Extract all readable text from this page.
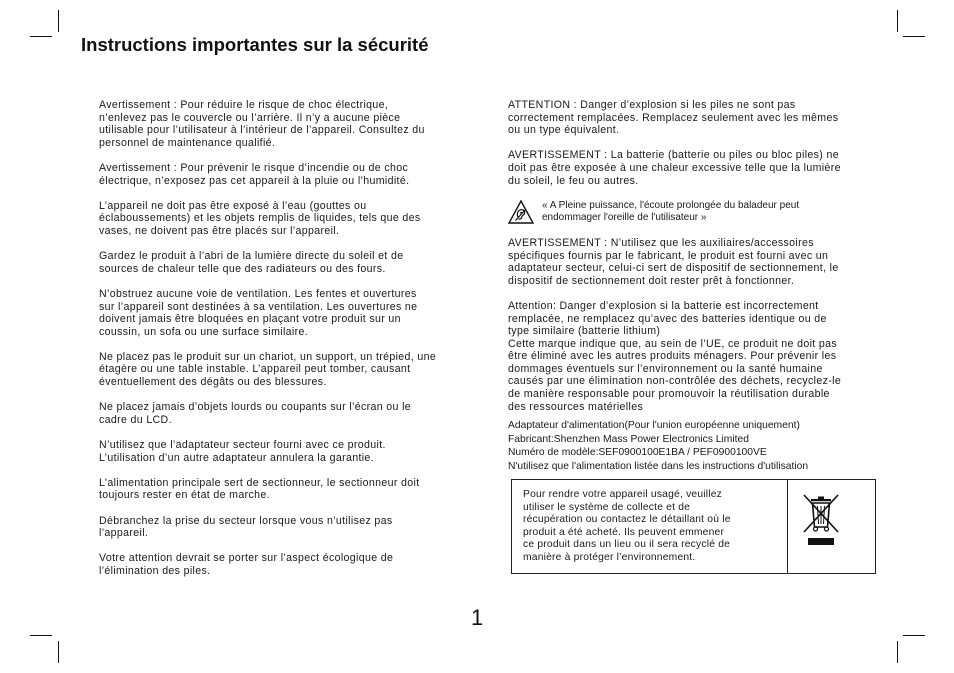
Instructions importantes sur la sécurité

Avertissement : Pour réduire le risque de choc électrique,
n’enlevez pas le couvercle ou l’arrière. Il n’y a aucune pièce
utilisable pour l’utilisateur à l’intérieur de l’appareil. Consultez du
personnel de maintenance qualifié.

Avertissement : Pour prévenir le risque d’incendie ou de choc
électrique, n’exposez pas cet appareil à la pluie ou l’humidité.

L’appareil ne doit pas être exposé à l’eau (gouttes ou
éclaboussements) et les objets remplis de liquides, tels que des
vases, ne doivent pas être placés sur l’appareil.

Gardez le produit à l’abri de la lumière directe du soleil et de
sources de chaleur telle que des radiateurs ou des fours.

N’obstruez aucune voie de ventilation. Les fentes et ouvertures
sur l’appareil sont destinées à sa ventilation. Les ouvertures ne
doivent jamais être bloquées en plaçant votre produit sur un
coussin, un sofa ou une surface similaire.

Ne placez pas le produit sur un chariot, un support, un trépied, une
étagère ou une table instable. L’appareil peut tomber, causant
éventuellement des dégâts ou des blessures.

Ne placez jamais d’objets lourds ou coupants sur l’écran ou le
cadre du LCD.

N’utilisez que l’adaptateur secteur fourni avec ce produit.
L’utilisation d’un autre adaptateur annulera la garantie.

L’alimentation principale sert de sectionneur, le sectionneur doit
toujours rester en état de marche.

Débranchez la prise du secteur lorsque vous n’utilisez pas
l’appareil.

Votre attention devrait se porter sur l’aspect écologique de
l’élimination des piles.

ATTENTION : Danger d’explosion si les piles ne sont pas
correctement remplacées. Remplacez seulement avec les mêmes
ou un type équivalent.

AVERTISSEMENT : La batterie (batterie ou piles ou bloc piles) ne
doit pas être exposée à une chaleur excessive telle que la lumière
du soleil, le feu ou autres.

« A Pleine puissance, l'écoute prolongée du baladeur peut
endommager l'oreille de l'utilisateur »

AVERTISSEMENT : N’utilisez que les auxiliaires/accessoires
spécifiques fournis par le fabricant, le produit est fourni avec un
adaptateur secteur, celui-ci sert de dispositif de sectionnement, le
dispositif de sectionnement doit rester prêt à fonctionner.

Attention: Danger d’explosion si la batterie est incorrectement
remplacée, ne remplacez qu’avec des batteries identique ou de
type similaire (batterie lithium)
Cette marque indique que, au sein de l’UE, ce produit ne doit pas
être éliminé avec les autres produits ménagers. Pour prévenir les
dommages éventuels sur l’environnement ou la santé humaine
causés par une élimination non-contrôlée des déchets, recyclez-le
de manière responsable pour promouvoir la réutilisation durable
des ressources matérielles

Adaptateur d'alimentation(Pour l'union européenne uniquement)
Fabricant:Shenzhen Mass Power Electronics Limited
Numéro de modèle:SEF0900100E1BA / PEF0900100VE
N'utilisez que l'alimentation listée dans les instructions d'utilisation
Pour rendre votre appareil usagé, veuillez
utiliser le système de collecte et de
récupération ou contactez le détaillant où le
produit a été acheté. Ils peuvent emmener
ce produit dans un lieu ou il sera recyclé de
manière à protéger l’environnement.
1
